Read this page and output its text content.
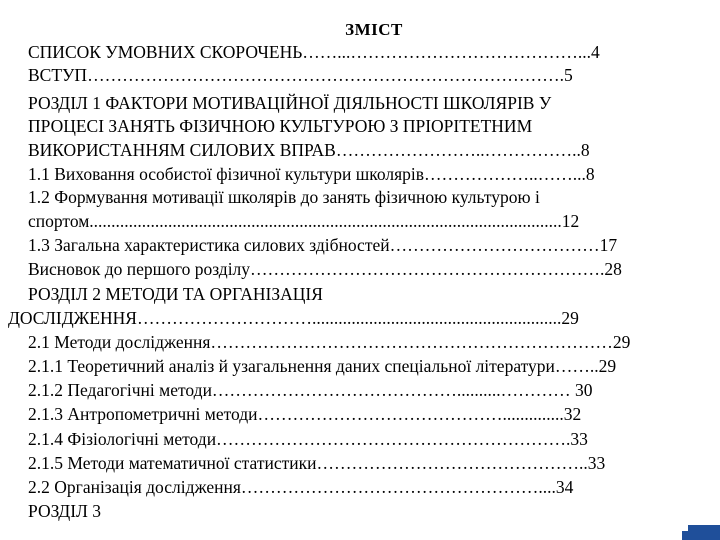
ЗМІСТ
СПИСОК УМОВНИХ СКОРОЧЕНЬ……...…………………………………...4
ВСТУП……………………………………………………………………….5
РОЗДІЛ 1 ФАКТОРИ МОТИВАЦІЙНОЇ ДІЯЛЬНОСТІ ШКОЛЯРІВ У
ПРОЦЕСІ ЗАНЯТЬ ФІЗИЧНОЮ КУЛЬТУРОЮ З ПРІОРІТЕТНИМ
ВИКОРИСТАННЯМ СИЛОВИХ ВПРАВ……………………..……………..8
1.1 Виховання особистої фізичної культури школярів………………..……...8
1.2 Формування мотивації школярів до занять фізичною культурою і
спортом............................................................................................................12
1.3 Загальна характеристика силових здібностей………………………………17
Висновок до першого розділу…………………………………………………….28
РОЗДІЛ 2 МЕТОДИ ТА ОРГАНІЗАЦІЯ
ДОСЛІДЖЕННЯ………………………….........................................................29
2.1 Методи дослідження……………………………………………………………29
2.1.1 Теоретичний аналіз й узагальнення даних спеціальної літератури……..29
2.1.2 Педагогічні методи……………………………………..........………… 30
2.1.3 Антропометричні методи……………………………………..............32
2.1.4 Фізіологічні методи…………………………………………………….33
2.1.5 Методи математичної статистики………………………………………..33
2.2 Організація дослідження……………………………………………....34
РОЗДІЛ 3
